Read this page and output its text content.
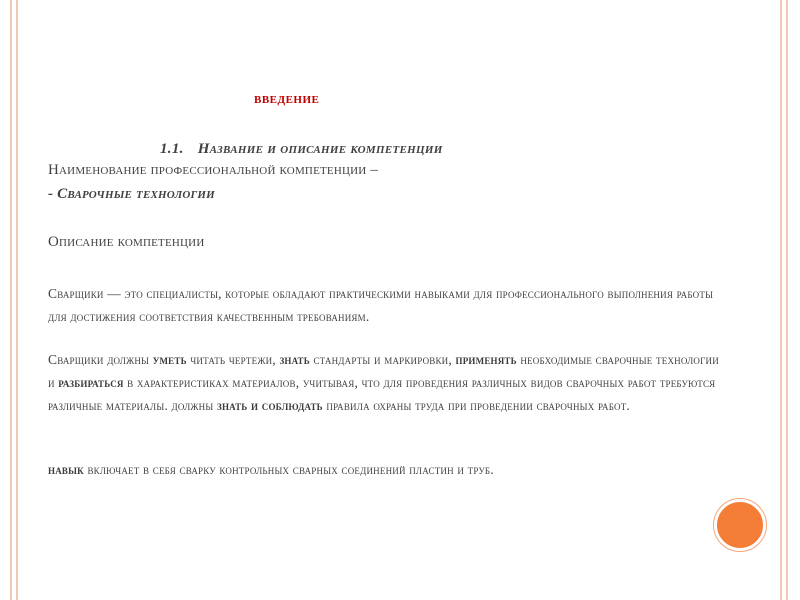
введение
1.1. Название и описание компетенции
Наименование профессиональной компетенции –
- Сварочные технологии
Описание компетенции
Сварщики — это специалисты, которые обладают практическими навыками для профессионального выполнения работы для достижения соответствия качественным требованиям.
Сварщики должны уметь читать чертежи, знать стандарты и маркировки, применять необходимые сварочные технологии и разбираться в характеристиках материалов, учитывая, что для проведения различных видов сварочных работ требуются различные материалы. должны знать и соблюдать правила охраны труда при проведении сварочных работ.
навык включает в себя сварку контрольных сварных соединений пластин и труб.
